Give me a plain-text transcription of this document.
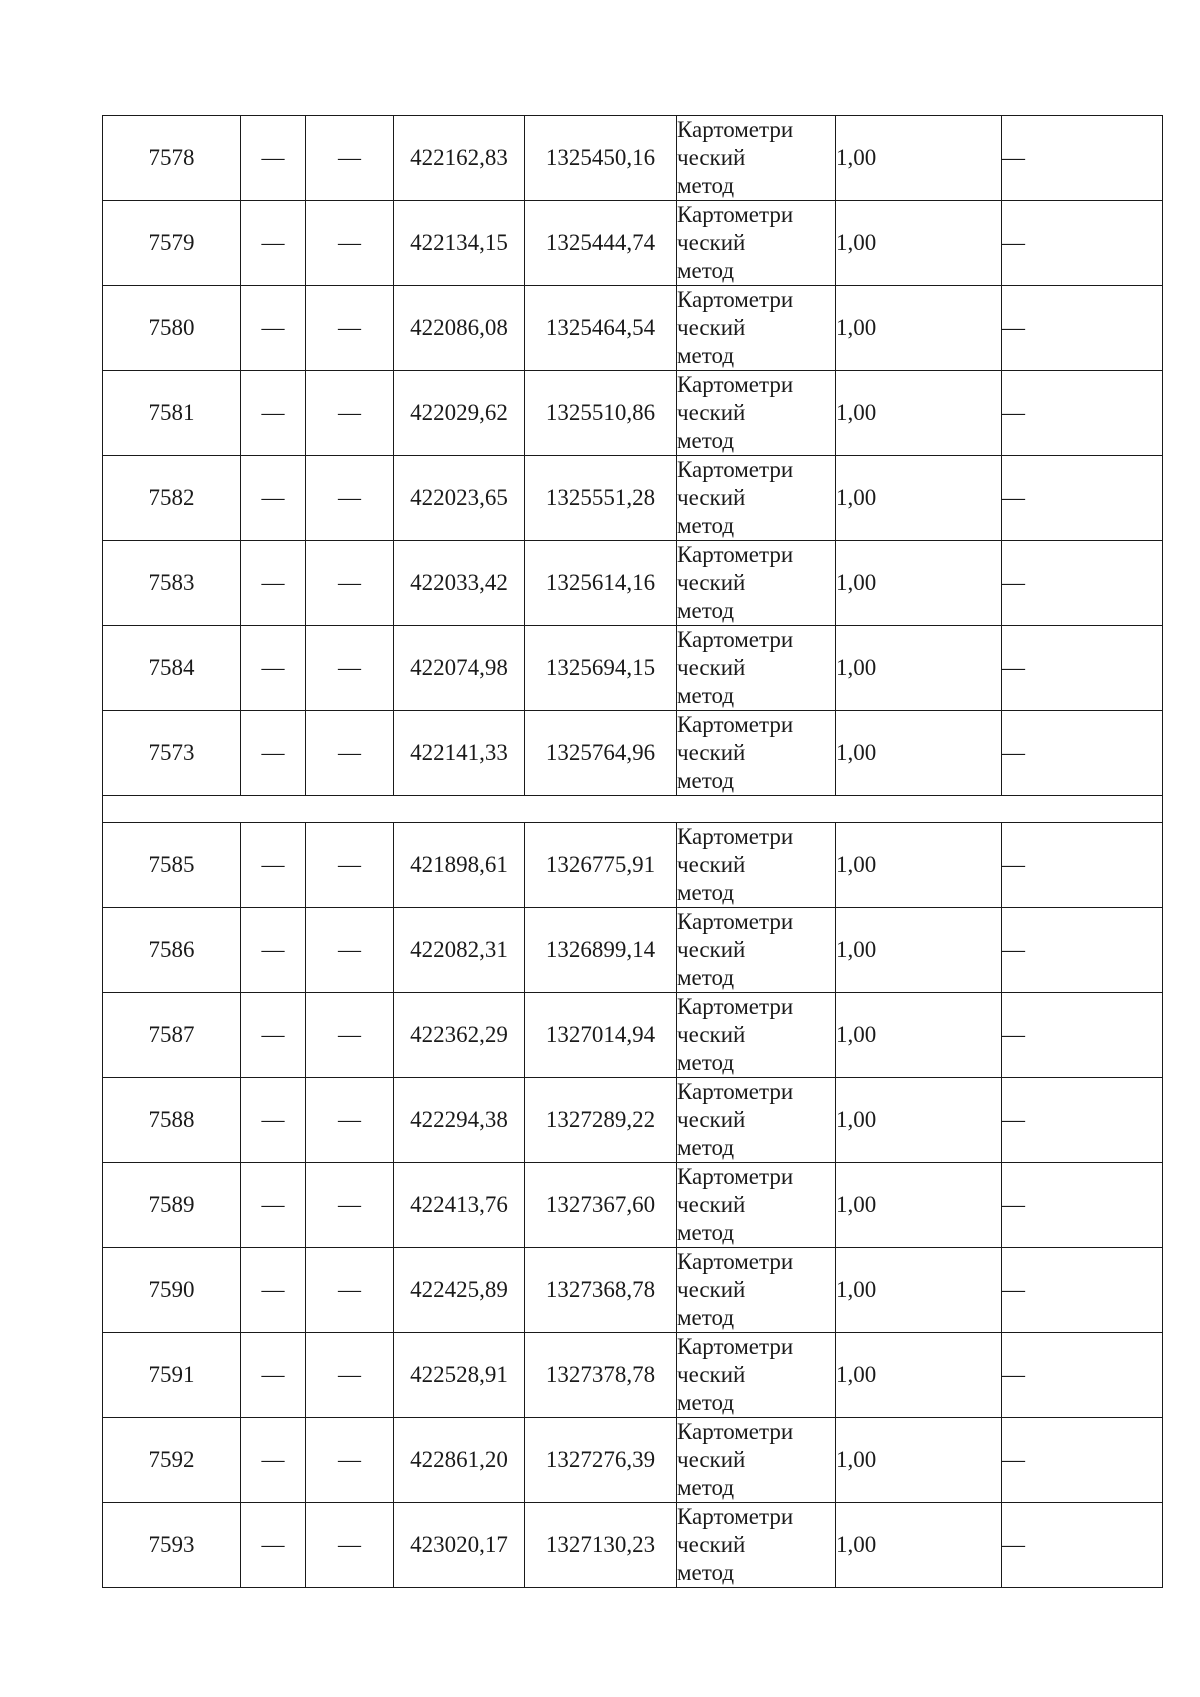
7578	—	—	422162,83	1325450,16	Картометри
ческий
метод	1,00	—
7579	—	—	422134,15	1325444,74	Картометри
ческий
метод	1,00	—
7580	—	—	422086,08	1325464,54	Картометри
ческий
метод	1,00	—
7581	—	—	422029,62	1325510,86	Картометри
ческий
метод	1,00	—
7582	—	—	422023,65	1325551,28	Картометри
ческий
метод	1,00	—
7583	—	—	422033,42	1325614,16	Картометри
ческий
метод	1,00	—
7584	—	—	422074,98	1325694,15	Картометри
ческий
метод	1,00	—
7573	—	—	422141,33	1325764,96	Картометри
ческий
метод	1,00	—

7585	—	—	421898,61	1326775,91	Картометри
ческий
метод	1,00	—
7586	—	—	422082,31	1326899,14	Картометри
ческий
метод	1,00	—
7587	—	—	422362,29	1327014,94	Картометри
ческий
метод	1,00	—
7588	—	—	422294,38	1327289,22	Картометри
ческий
метод	1,00	—
7589	—	—	422413,76	1327367,60	Картометри
ческий
метод	1,00	—
7590	—	—	422425,89	1327368,78	Картометри
ческий
метод	1,00	—
7591	—	—	422528,91	1327378,78	Картометри
ческий
метод	1,00	—
7592	—	—	422861,20	1327276,39	Картометри
ческий
метод	1,00	—
7593	—	—	423020,17	1327130,23	Картометри
ческий
метод	1,00	—
